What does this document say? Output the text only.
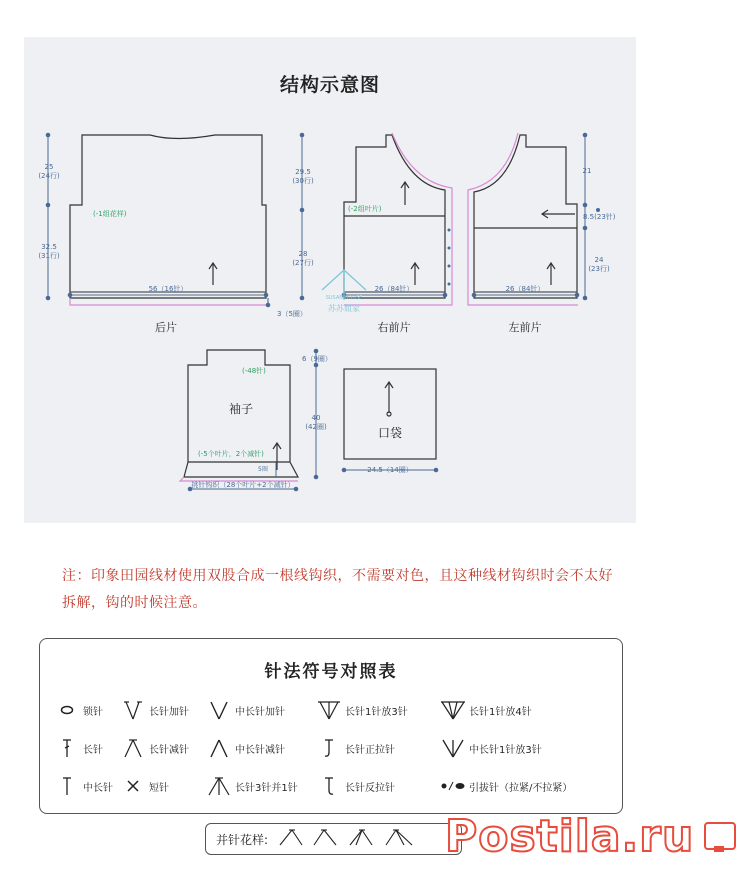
结构示意图
SUSAN HOUSE
苏苏姐家
25
(24行)
32.5
(31行)
56（16针）
(-1组花样)
3（5圈）
后片
29.5
(30行)
28
(27行)
26（84针）
(-2组叶片)
右前片
21
8.5(23针)
24
(23行)
26（84针）
左前片
6（9圈）
40
(42圈)
(-48针)
(-5个叶片，2个减针)
5圈
挑针钩织（28个叶片+2个减针）
袖子
24.5（14圈）
口袋
注：印象田园线材使用双股合成一根线钩织，不需要对色，且这种线材钩织时会不太好拆解，钩的时候注意。
针法符号对照表
锁针	长针加针	中长针加针	长针1针放3针	长针1针放4针
长针	长针减针	中长针减针	长针正拉针	中长针1针放3针
中长针	短针	长针3针并1针	长针反拉针	引拔针（拉紧/不拉紧）
并针花样:	Postila.ru
